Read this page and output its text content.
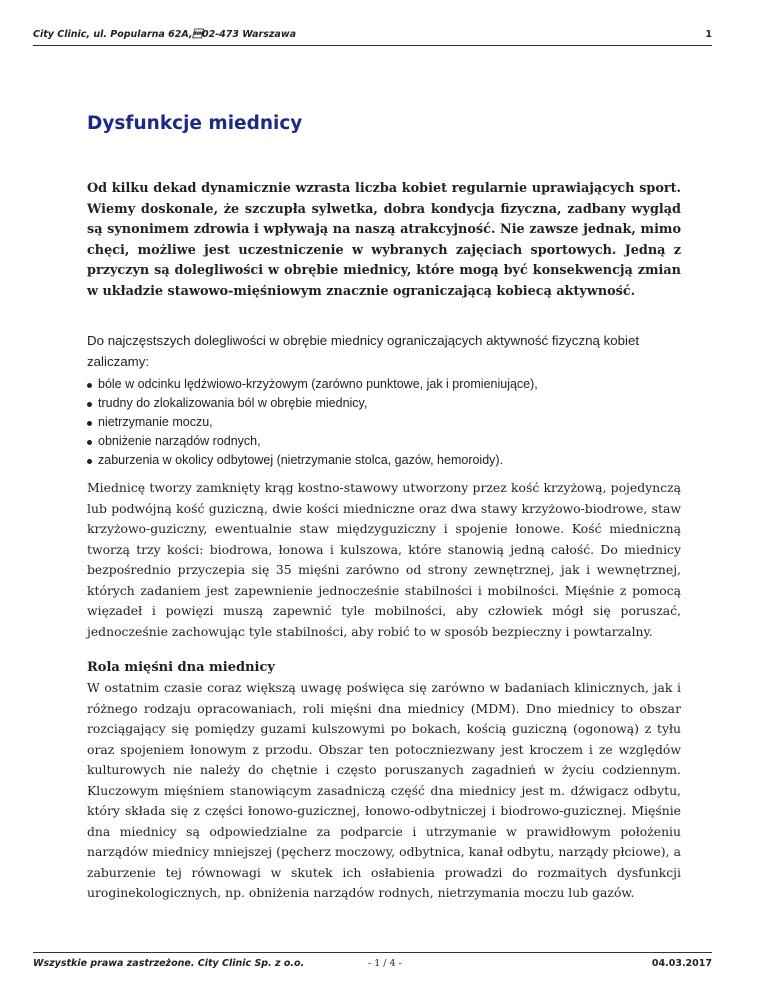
City Clinic, ul. Popularna 62A,02-473 Warszawa	1
Dysfunkcje miednicy

Od kilku dekad dynamicznie wzrasta liczba kobiet regularnie uprawiających sport. Wiemy doskonale, że szczupła sylwetka, dobra kondycja fizyczna, zadbany wygląd są synonimem zdrowia i wpływają na naszą atrakcyjność. Nie zawsze jednak, mimo chęci, możliwe jest uczestniczenie w wybranych zajęciach sportowych. Jedną z przyczyn są dolegliwości w obrębie miednicy, które mogą być konsekwencją zmian w układzie stawowo-mięśniowym znacznie ograniczającą kobiecą aktywność.

Do najczęstszych dolegliwości w obrębie miednicy ograniczających aktywność fizyczną kobiet zaliczamy:

bóle w odcinku lędźwiowo-krzyżowym (zarówno punktowe, jak i promieniujące),
trudny do zlokalizowania ból w obrębie miednicy,
nietrzymanie moczu,
obniżenie narządów rodnych,
zaburzenia w okolicy odbytowej (nietrzymanie stolca, gazów, hemoroidy).

Miednicę tworzy zamknięty krąg kostno-stawowy utworzony przez kość krzyżową, pojedynczą lub podwójną kość guziczną, dwie kości miedniczne oraz dwa stawy krzyżowo-biodrowe, staw krzyżowo-guziczny, ewentualnie staw międzyguziczny i spojenie łonowe. Kość miedniczną tworzą trzy kości: biodrowa, łonowa i kulszowa, które stanowią jedną całość. Do miednicy bezpośrednio przyczepia się 35 mięśni zarówno od strony zewnętrznej, jak i wewnętrznej, których zadaniem jest zapewnienie jednocześnie stabilności i mobilności. Mięśnie z pomocą więzadeł i powięzi muszą zapewnić tyle mobilności, aby człowiek mógł się poruszać, jednocześnie zachowując tyle stabilności, aby robić to w sposób bezpieczny i powtarzalny.

Rola mięśni dna miednicy

W ostatnim czasie coraz większą uwagę poświęca się zarówno w badaniach klinicznych, jak i różnego rodzaju opracowaniach, roli mięśni dna miednicy (MDM). Dno miednicy to obszar rozciągający się pomiędzy guzami kulszowymi po bokach, kością guziczną (ogonową) z tyłu oraz spojeniem łonowym z przodu. Obszar ten potoczniezwany jest kroczem i ze względów kulturowych nie należy do chętnie i często poruszanych zagadnień w życiu codziennym. Kluczowym mięśniem stanowiącym zasadniczą część dna miednicy jest m. dźwigacz odbytu, który składa się z części łonowo-guzicznej, łonowo-odbytniczej i biodrowo-guzicznej. Mięśnie dna miednicy są odpowiedzialne za podparcie i utrzymanie w prawidłowym położeniu narządów miednicy mniejszej (pęcherz moczowy, odbytnica, kanał odbytu, narządy płciowe), a zaburzenie tej równowagi w skutek ich osłabienia prowadzi do rozmaitych dysfunkcji uroginekologicznych, np. obniżenia narządów rodnych, nietrzymania moczu lub gazów.

Wszystkie prawa zastrzeżone. City Clinic Sp. z o.o.	- 1 / 4 -	04.03.2017
